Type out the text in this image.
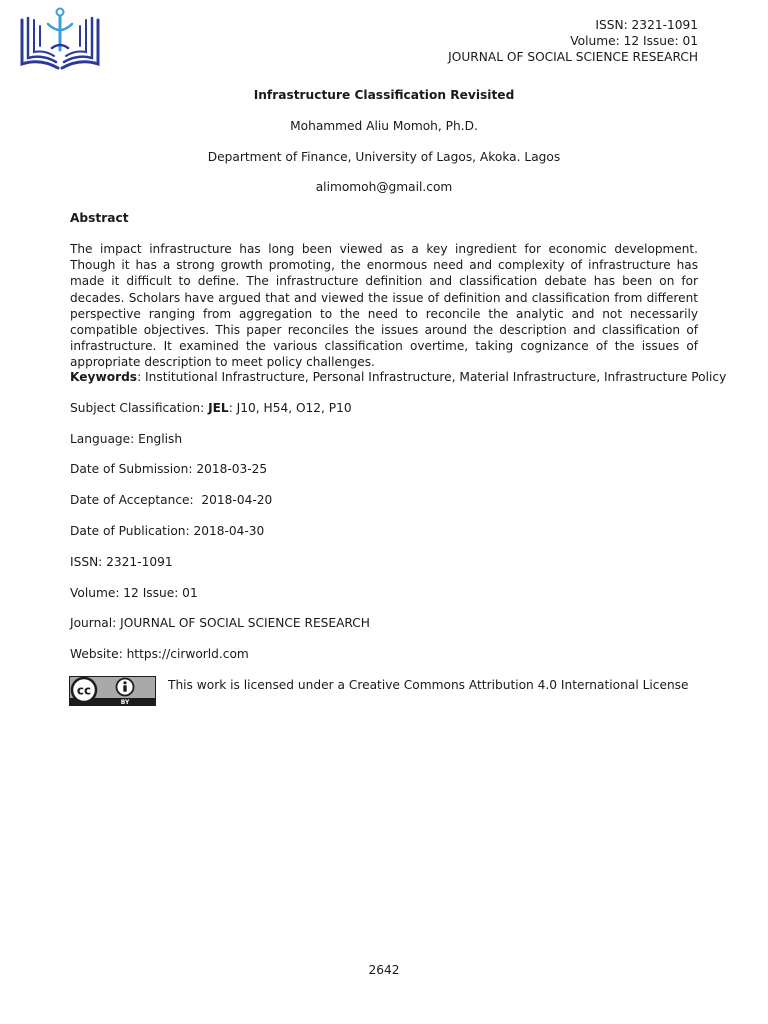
ISSN: 2321-1091
Volume: 12 Issue: 01
JOURNAL OF SOCIAL SCIENCE RESEARCH
Infrastructure Classification Revisited
Mohammed Aliu Momoh, Ph.D.
Department of Finance, University of Lagos, Akoka. Lagos
alimomoh@gmail.com
Abstract
The impact infrastructure has long been viewed as a key ingredient for economic development. Though it has a strong growth promoting, the enormous need and complexity of infrastructure has made it difficult to define. The infrastructure definition and classification debate has been on for decades. Scholars have argued that and viewed the issue of definition and classification from different perspective ranging from aggregation to the need to reconcile the analytic and not necessarily compatible objectives. This paper reconciles the issues around the description and classification of infrastructure. It examined the various classification overtime, taking cognizance of the issues of appropriate description to meet policy challenges.
Keywords: Institutional Infrastructure, Personal Infrastructure, Material Infrastructure, Infrastructure Policy
Subject Classification: JEL: J10, H54, O12, P10
Language: English
Date of Submission: 2018-03-25
Date of Acceptance:  2018-04-20
Date of Publication: 2018-04-30
ISSN: 2321-1091
Volume: 12 Issue: 01
Journal: JOURNAL OF SOCIAL SCIENCE RESEARCH
Website: https://cirworld.com
cc
BY
This work is licensed under a Creative Commons Attribution 4.0 International License
2642
